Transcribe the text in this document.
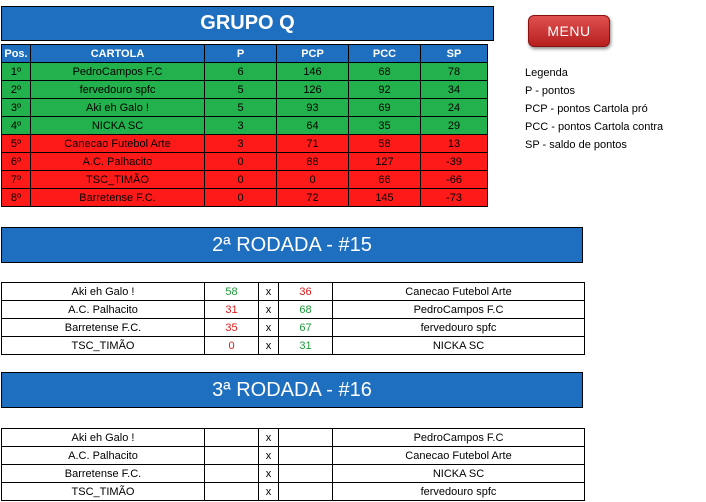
GRUPO Q
Pos.	CARTOLA	P	PCP	PCC	SP
1º	PedroCampos F.C	6	146	68	78
2º	fervedouro spfc	5	126	92	34
3º	Aki eh Galo !	5	93	69	24
4º	NICKA SC	3	64	35	29
5º	Canecao Futebol Arte	3	71	58	13
6º	A.C. Palhacito	0	88	127	-39
7º	TSC_TIMÃO	0	0	66	-66
8º	Barretense F.C.	0	72	145	-73
MENU
Legenda
P - pontos
PCP - pontos Cartola pró
PCC - pontos Cartola contra
SP - saldo de pontos
2ª RODADA - #15
Aki eh Galo !	58	x	36	Canecao Futebol Arte
A.C. Palhacito	31	x	68	PedroCampos F.C
Barretense F.C.	35	x	67	fervedouro spfc
TSC_TIMÃO	0	x	31	NICKA SC
3ª RODADA - #16
Aki eh Galo !		x		PedroCampos F.C
A.C. Palhacito		x		Canecao Futebol Arte
Barretense F.C.		x		NICKA SC
TSC_TIMÃO		x		fervedouro spfc
